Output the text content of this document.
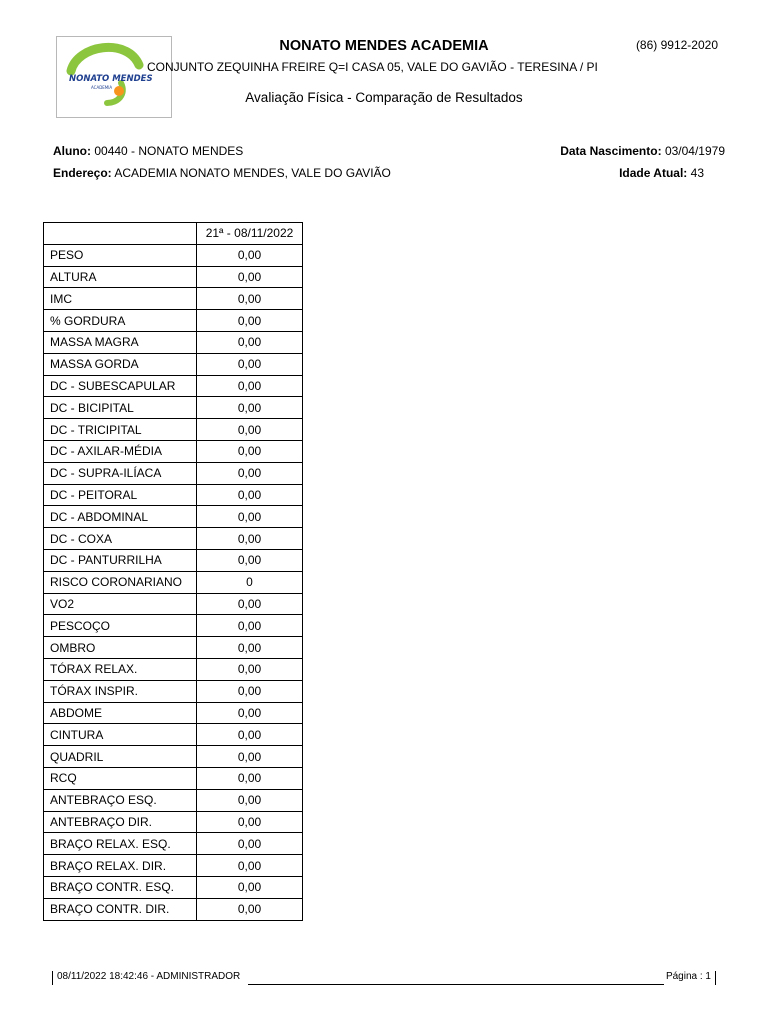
NONATO MENDES
ACADEMIA
NONATO MENDES ACADEMIA	(86) 9912-2020
CONJUNTO ZEQUINHA FREIRE Q=I CASA 05, VALE DO GAVIÃO - TERESINA / PI
Avaliação Física - Comparação de Resultados
Aluno: 00440 - NONATO MENDES
Endereço: ACADEMIA NONATO MENDES, VALE DO GAVIÃO
Data Nascimento: 03/04/1979
Idade Atual: 43
	21ª - 08/11/2022
PESO	0,00
ALTURA	0,00
IMC	0,00
% GORDURA	0,00
MASSA MAGRA	0,00
MASSA GORDA	0,00
DC - SUBESCAPULAR	0,00
DC - BICIPITAL	0,00
DC - TRICIPITAL	0,00
DC - AXILAR-MÉDIA	0,00
DC - SUPRA-ILÍACA	0,00
DC - PEITORAL	0,00
DC - ABDOMINAL	0,00
DC - COXA	0,00
DC - PANTURRILHA	0,00
RISCO CORONARIANO	0
VO2	0,00
PESCOÇO	0,00
OMBRO	0,00
TÓRAX RELAX.	0,00
TÓRAX INSPIR.	0,00
ABDOME	0,00
CINTURA	0,00
QUADRIL	0,00
RCQ	0,00
ANTEBRAÇO ESQ.	0,00
ANTEBRAÇO DIR.	0,00
BRAÇO RELAX. ESQ.	0,00
BRAÇO RELAX. DIR.	0,00
BRAÇO CONTR. ESQ.	0,00
BRAÇO CONTR. DIR.	0,00
08/11/2022 18:42:46 - ADMINISTRADOR	Página : 1
